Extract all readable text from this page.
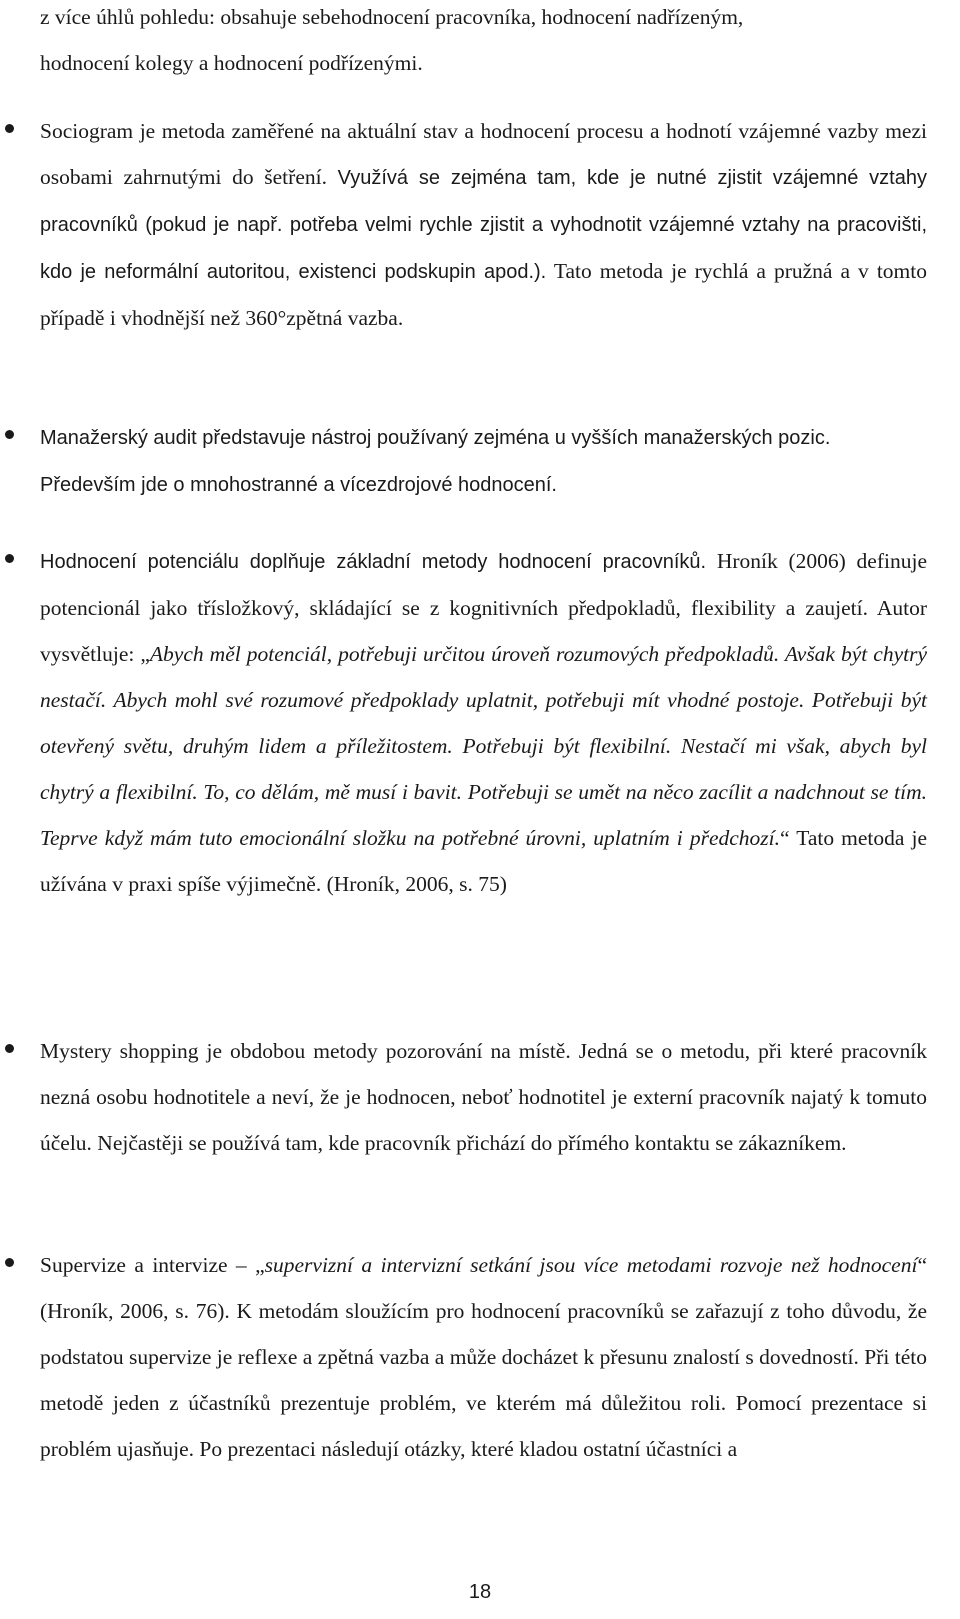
z více úhlů pohledu: obsahuje sebehodnocení pracovníka, hodnocení nadřízeným,

hodnocení kolegy a hodnocení podřízenými.

Sociogram je metoda zaměřené na aktuální stav a hodnocení procesu a hodnotí vzájemné vazby mezi osobami zahrnutými do šetření. Využívá se zejména tam, kde je nutné zjistit vzájemné vztahy pracovníků (pokud je např. potřeba velmi rychle zjistit a vyhodnotit vzájemné vztahy na pracovišti, kdo je neformální autoritou, existenci podskupin apod.). Tato metoda je rychlá a pružná a v tomto případě i vhodnější než 360°zpětná vazba.

Manažerský audit představuje nástroj používaný zejména u vyšších manažerských pozic. Především jde o mnohostranné a vícezdrojové hodnocení.

Hodnocení potenciálu doplňuje základní metody hodnocení pracovníků. Hroník (2006) definuje potencionál jako třísložkový, skládající se z kognitivních předpokladů, flexibility a zaujetí. Autor vysvětluje: „Abych měl potenciál, potřebuji určitou úroveň rozumových předpokladů. Avšak být chytrý nestačí. Abych mohl své rozumové předpoklady uplatnit, potřebuji mít vhodné postoje. Potřebuji být otevřený světu, druhým lidem a příležitostem. Potřebuji být flexibilní. Nestačí mi však, abych byl chytrý a flexibilní. To, co dělám, mě musí i bavit. Potřebuji se umět na něco zacílit a nadchnout se tím. Teprve když mám tuto emocionální složku na potřebné úrovni, uplatním i předchozí.“ Tato metoda je užívána v praxi spíše výjimečně. (Hroník, 2006, s. 75)

Mystery shopping je obdobou metody pozorování na místě. Jedná se o metodu, při které pracovník nezná osobu hodnotitele a neví, že je hodnocen, neboť hodnotitel je externí pracovník najatý k tomuto účelu. Nejčastěji se používá tam, kde pracovník přichází do přímého kontaktu se zákazníkem.

Supervize a intervize – „supervizní a intervizní setkání jsou více metodami rozvoje než hodnocení“ (Hroník, 2006, s. 76). K metodám sloužícím pro hodnocení pracovníků se zařazují z toho důvodu, že podstatou supervize je reflexe a zpětná vazba a může docházet k přesunu znalostí s dovedností. Při této metodě jeden z účastníků prezentuje problém, ve kterém má důležitou roli. Pomocí prezentace si problém ujasňuje. Po prezentaci následují otázky, které kladou ostatní účastníci a

18
